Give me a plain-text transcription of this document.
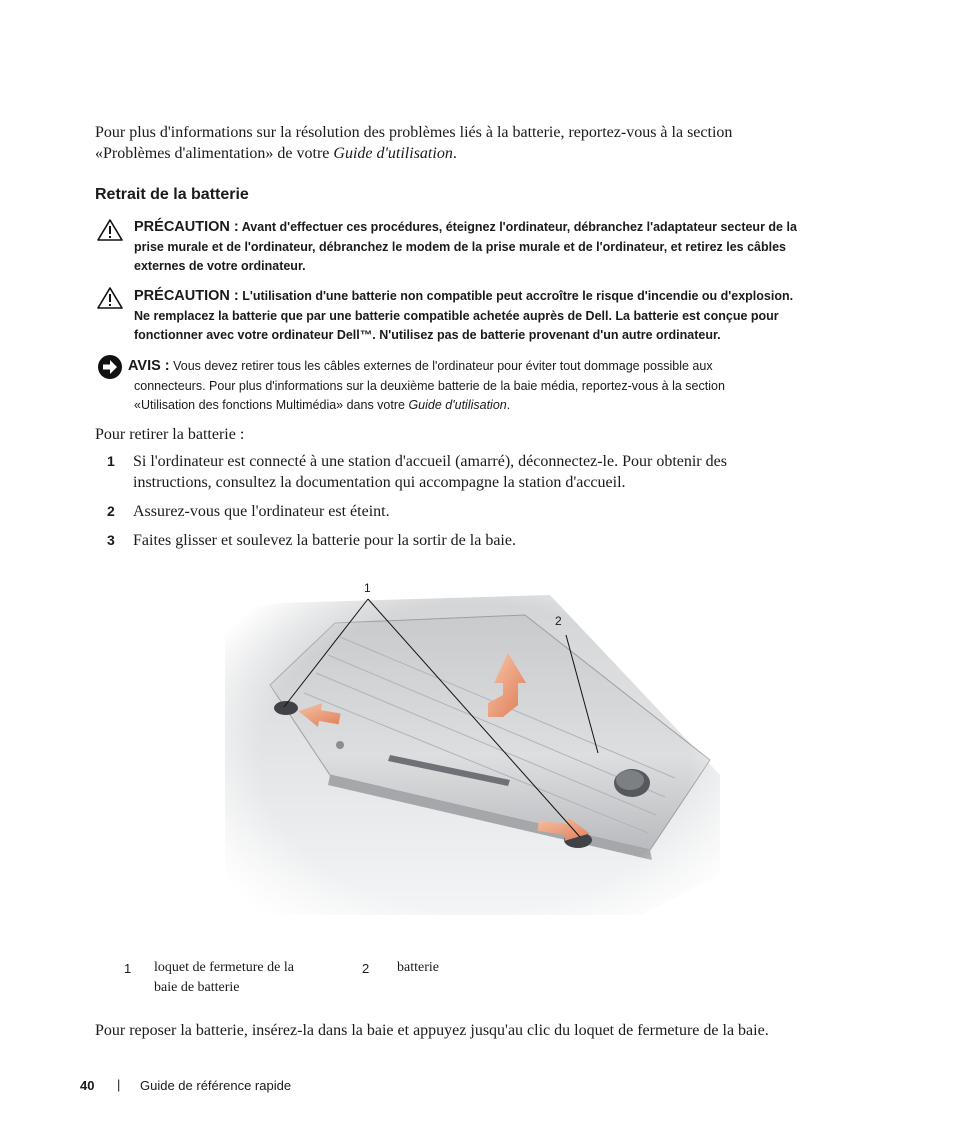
Pour plus d'informations sur la résolution des problèmes liés à la batterie, reportez-vous à la section
«Problèmes d'alimentation» de votre Guide d'utilisation.
Retrait de la batterie
PRÉCAUTION : Avant d'effectuer ces procédures, éteignez l'ordinateur, débranchez l'adaptateur secteur de la
prise murale et de l'ordinateur, débranchez le modem de la prise murale et de l'ordinateur, et retirez les câbles
externes de votre ordinateur.
PRÉCAUTION : L'utilisation d'une batterie non compatible peut accroître le risque d'incendie ou d'explosion.
Ne remplacez la batterie que par une batterie compatible achetée auprès de Dell. La batterie est conçue pour
fonctionner avec votre ordinateur Dell™. N'utilisez pas de batterie provenant d'un autre ordinateur.
AVIS : Vous devez retirer tous les câbles externes de l'ordinateur pour éviter tout dommage possible aux
connecteurs. Pour plus d'informations sur la deuxième batterie de la baie média, reportez-vous à la section
«Utilisation des fonctions Multimédia» dans votre Guide d'utilisation.
Pour retirer la batterie :
1 Si l'ordinateur est connecté à une station d'accueil (amarré), déconnectez-le. Pour obtenir des
instructions, consultez la documentation qui accompagne la station d'accueil.
2 Assurez-vous que l'ordinateur est éteint.
3 Faites glisser et soulevez la batterie pour la sortir de la baie.
1
2
1 loquet de fermeture de la
baie de batterie
2 batterie
Pour reposer la batterie, insérez-la dans la baie et appuyez jusqu'au clic du loquet de fermeture de la baie.
40 | Guide de référence rapide
